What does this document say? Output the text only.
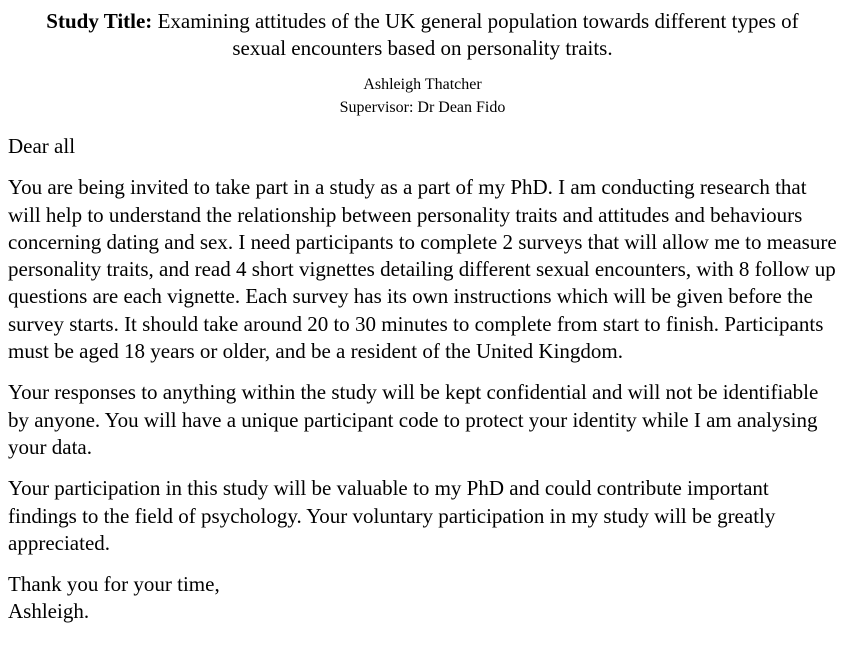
Study Title: Examining attitudes of the UK general population towards different types of sexual encounters based on personality traits.
Ashleigh Thatcher
Supervisor: Dr Dean Fido

Dear all

You are being invited to take part in a study as a part of my PhD. I am conducting research that will help to understand the relationship between personality traits and attitudes and behaviours concerning dating and sex. I need participants to complete 2 surveys that will allow me to measure personality traits, and read 4 short vignettes detailing different sexual encounters, with 8 follow up questions are each vignette. Each survey has its own instructions which will be given before the survey starts. It should take around 20 to 30 minutes to complete from start to finish. Participants must be aged 18 years or older, and be a resident of the United Kingdom.

Your responses to anything within the study will be kept confidential and will not be identifiable by anyone. You will have a unique participant code to protect your identity while I am analysing your data.

Your participation in this study will be valuable to my PhD and could contribute important findings to the field of psychology. Your voluntary participation in my study will be greatly appreciated.

Thank you for your time,
Ashleigh.
